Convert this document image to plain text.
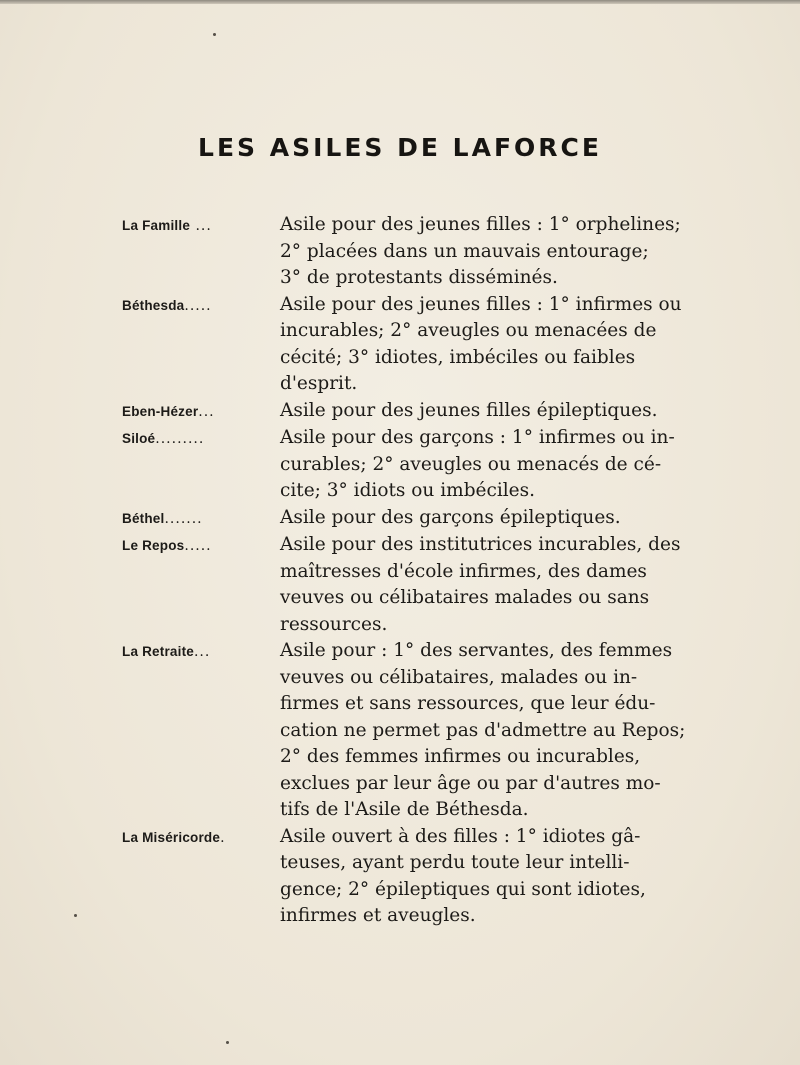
LES ASILES DE LAFORCE
La Famille ...	Asile pour des jeunes filles : 1° orphelines;
2° placées dans un mauvais entourage;
3° de protestants disséminés.
Béthesda.....	Asile pour des jeunes filles : 1° infirmes ou
incurables; 2° aveugles ou menacées de
cécité; 3° idiotes, imbéciles ou faibles
d'esprit.
Eben-Hézer...	Asile pour des jeunes filles épileptiques.
Siloé.........	Asile pour des garçons : 1° infirmes ou in-
curables; 2° aveugles ou menacés de cé-
cite; 3° idiots ou imbéciles.
Béthel.......	Asile pour des garçons épileptiques.
Le Repos.....	Asile pour des institutrices incurables, des
maîtresses d'école infirmes, des dames
veuves ou célibataires malades ou sans
ressources.
La Retraite...	Asile pour : 1° des servantes, des femmes
veuves ou célibataires, malades ou in-
firmes et sans ressources, que leur édu-
cation ne permet pas d'admettre au Repos;
2° des femmes infirmes ou incurables,
exclues par leur âge ou par d'autres mo-
tifs de l'Asile de Béthesda.
La Miséricorde.	Asile ouvert à des filles : 1° idiotes gâ-
teuses, ayant perdu toute leur intelli-
gence; 2° épileptiques qui sont idiotes,
infirmes et aveugles.
